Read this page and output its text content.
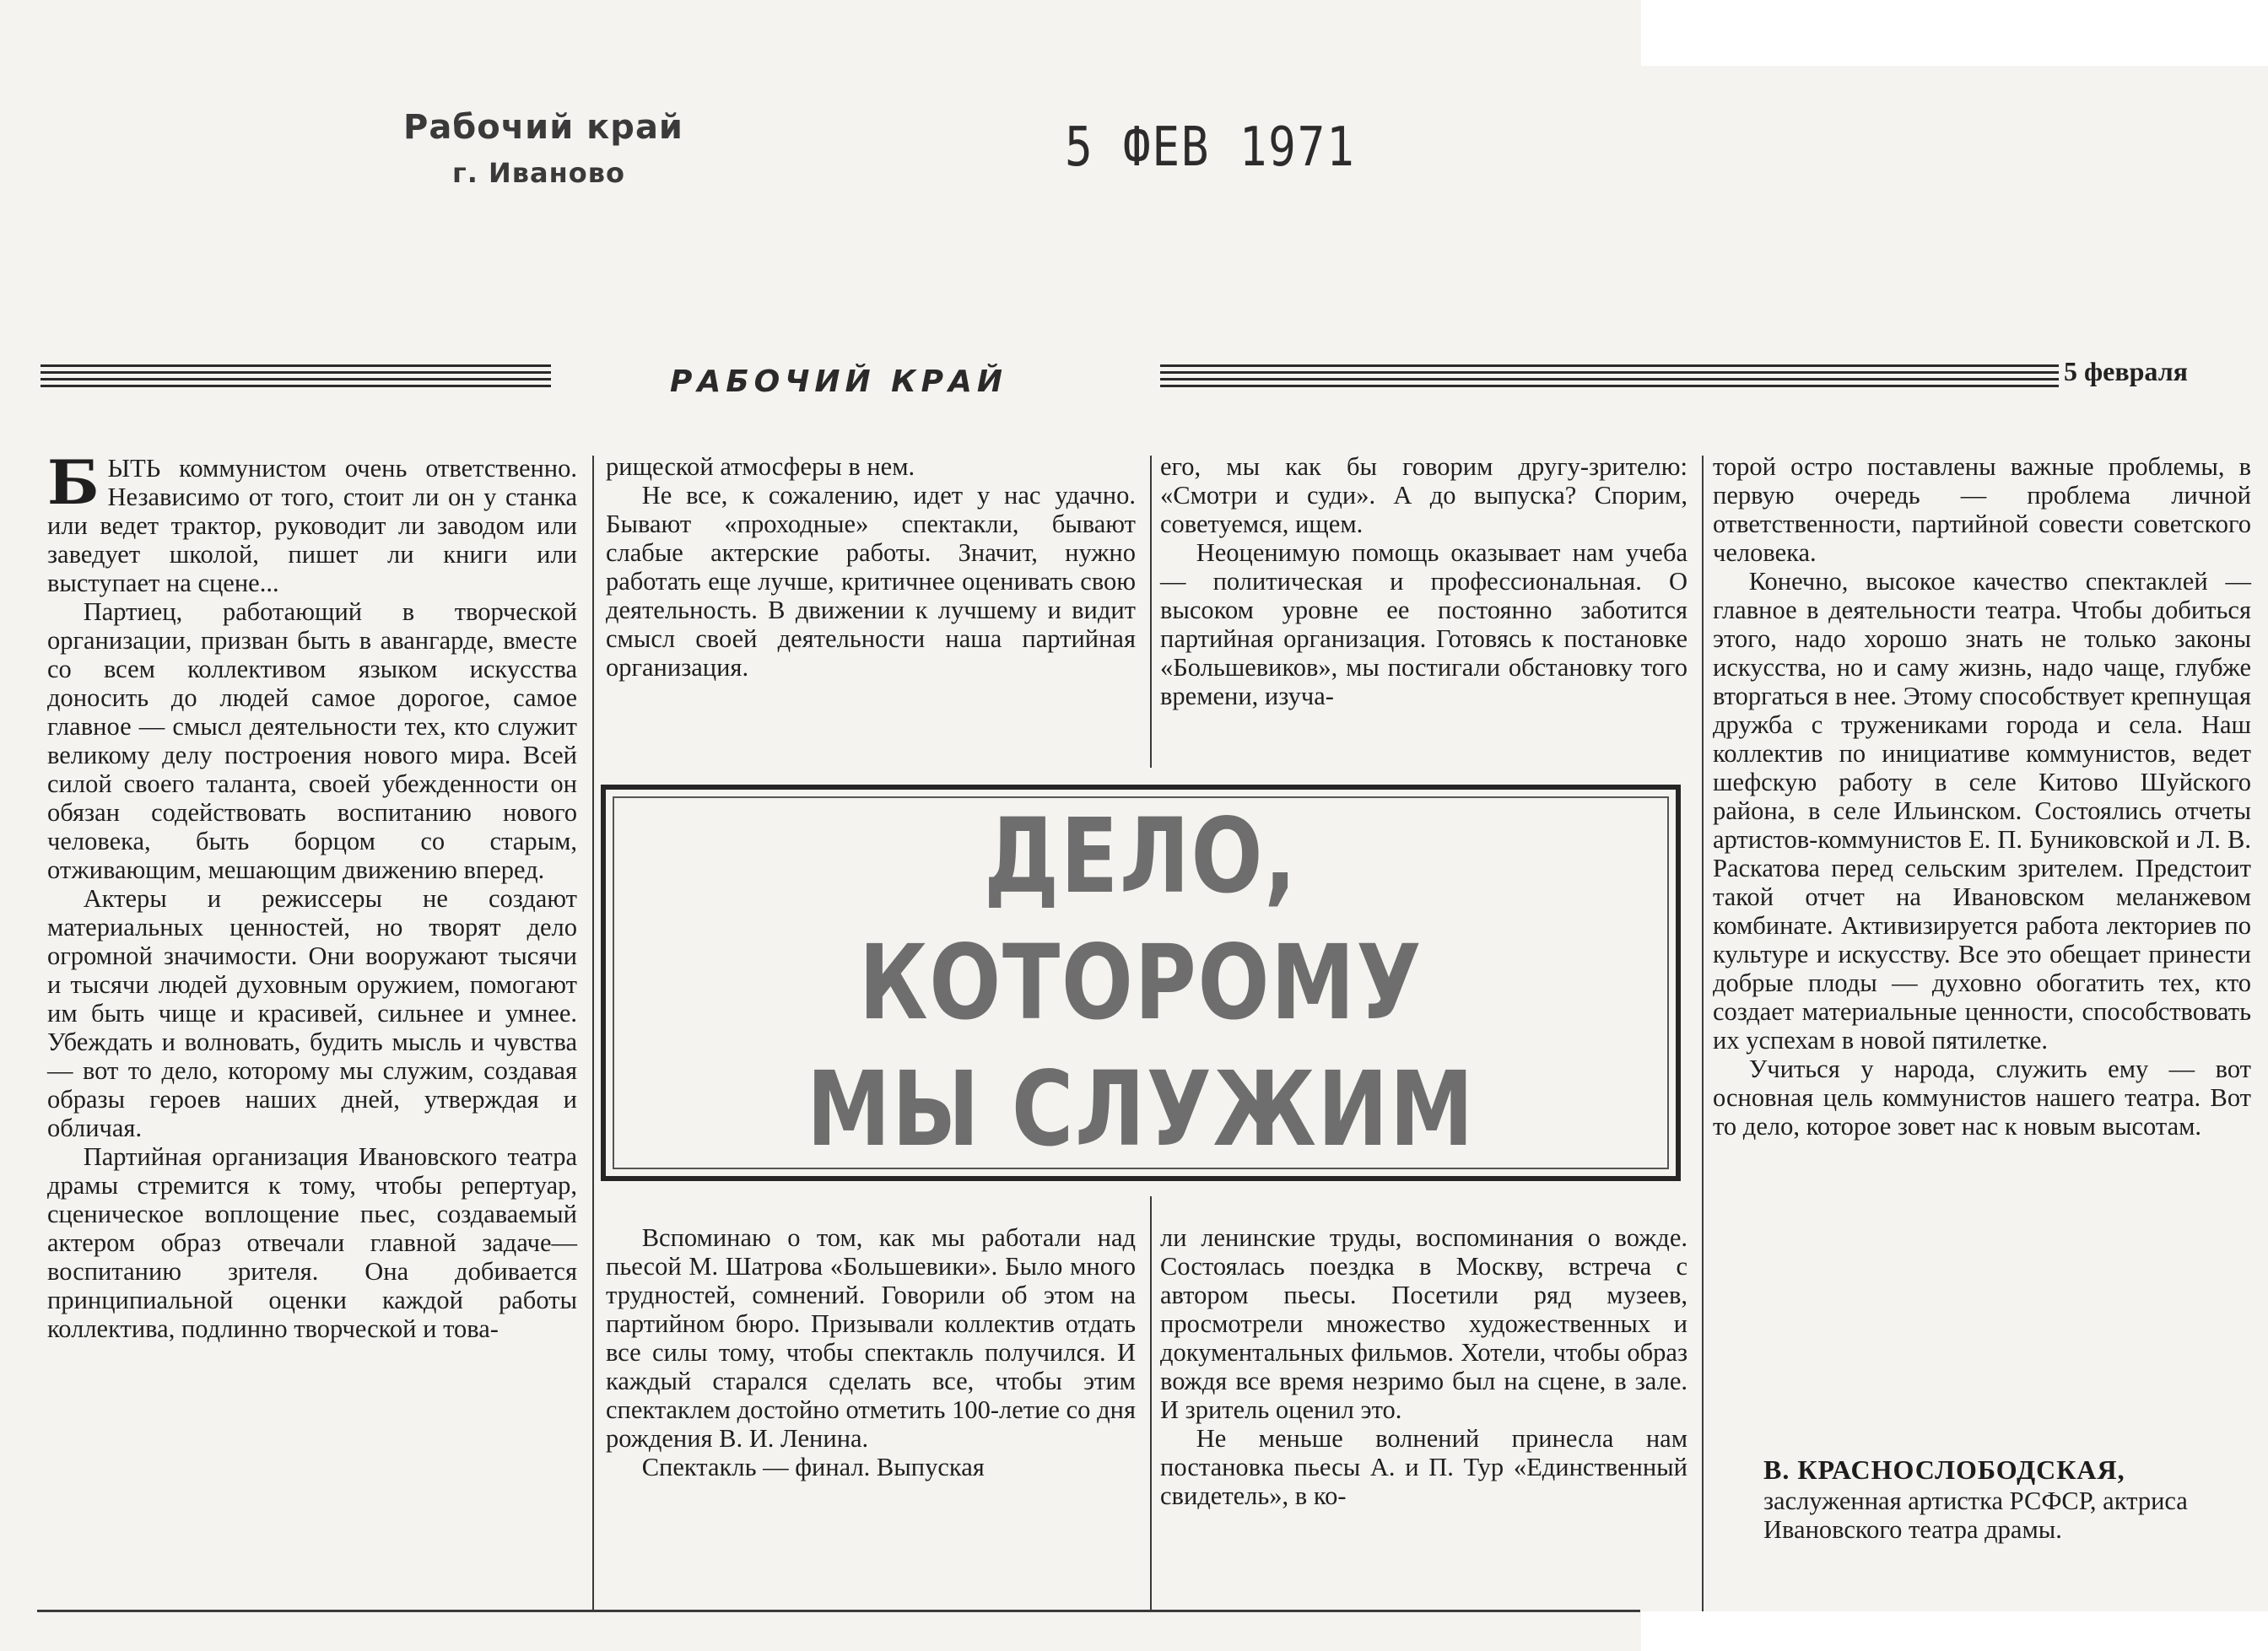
Рабочий край
г. Иваново	5 ФЕВ 1971
РАБОЧИЙ КРАЙ	5 февраля

БЫТЬ коммунистом очень ответственно. Независимо от того, стоит ли он у станка или ведет трактор, руководит ли заводом или заведует школой, пишет ли книги или выступает на сцене...

Партиец, работающий в творческой организации, призван быть в авангарде, вместе со всем коллективом языком искусства доносить до людей самое дорогое, самое главное — смысл деятельности тех, кто служит великому делу построения нового мира. Всей силой своего таланта, своей убежденности он обязан содействовать воспитанию нового человека, быть борцом со старым, отживающим, мешающим движению вперед.

Актеры и режиссеры не создают материальных ценностей, но творят дело огромной значимости. Они вооружают тысячи и тысячи людей духовным оружием, помогают им быть чище и красивей, сильнее и умнее. Убеждать и волновать, будить мысль и чувства — вот то дело, которому мы служим, создавая образы героев наших дней, утверждая и обличая.

Партийная организация Ивановского театра драмы стремится к тому, чтобы репертуар, сценическое воплощение пьес, создаваемый актером образ отвечали главной задаче—воспитанию зрителя. Она добивается принципиальной оценки каждой работы коллектива, подлинно творческой и това-

рищеской атмосферы в нем.

Не все, к сожалению, идет у нас удачно. Бывают «проходные» спектакли, бывают слабые актерские работы. Значит, нужно работать еще лучше, критичнее оценивать свою деятельность. В движении к лучшему и видит смысл своей деятельности наша партийная организация.

его, мы как бы говорим другу-зрителю: «Смотри и суди». А до выпуска? Спорим, советуемся, ищем.

Неоценимую помощь оказывает нам учеба — политическая и профессиональная. О высоком уровне ее постоянно заботится партийная организация. Готовясь к постановке «Большевиков», мы постигали обстановку того времени, изуча-

ДЕЛО, КОТОРОМУ
МЫ СЛУЖИМ

Вспоминаю о том, как мы работали над пьесой М. Шатрова «Большевики». Было много трудностей, сомнений. Говорили об этом на партийном бюро. Призывали коллектив отдать все силы тому, чтобы спектакль получился. И каждый старался сделать все, чтобы этим спектаклем достойно отметить 100-летие со дня рождения В. И. Ленина.

Спектакль — финал. Выпуская

ли ленинские труды, воспоминания о вожде. Состоялась поездка в Москву, встреча с автором пьесы. Посетили ряд музеев, просмотрели множество художественных и документальных фильмов. Хотели, чтобы образ вождя все время незримо был на сцене, в зале. И зритель оценил это.

Не меньше волнений принесла нам постановка пьесы А. и П. Тур «Единственный свидетель», в ко-

торой остро поставлены важные проблемы, в первую очередь — проблема личной ответственности, партийной совести советского человека.

Конечно, высокое качество спектаклей — главное в деятельности театра. Чтобы добиться этого, надо хорошо знать не только законы искусства, но и саму жизнь, надо чаще, глубже вторгаться в нее. Этому способствует крепнущая дружба с тружениками города и села. Наш коллектив по инициативе коммунистов, ведет шефскую работу в селе Китово Шуйского района, в селе Ильинском. Состоялись отчеты артистов-коммунистов Е. П. Буниковской и Л. В. Раскатова перед сельским зрителем. Предстоит такой отчет на Ивановском меланжевом комбинате. Активизируется работа лекториев по культуре и искусству. Все это обещает принести добрые плоды — духовно обогатить тех, кто создает материальные ценности, способствовать их успехам в новой пятилетке.

Учиться у народа, служить ему — вот основная цель коммунистов нашего театра. Вот то дело, которое зовет нас к новым высотам.

В. КРАСНОСЛОБОДСКАЯ,
заслуженная артистка РСФСР, актриса Ивановского театра драмы.
